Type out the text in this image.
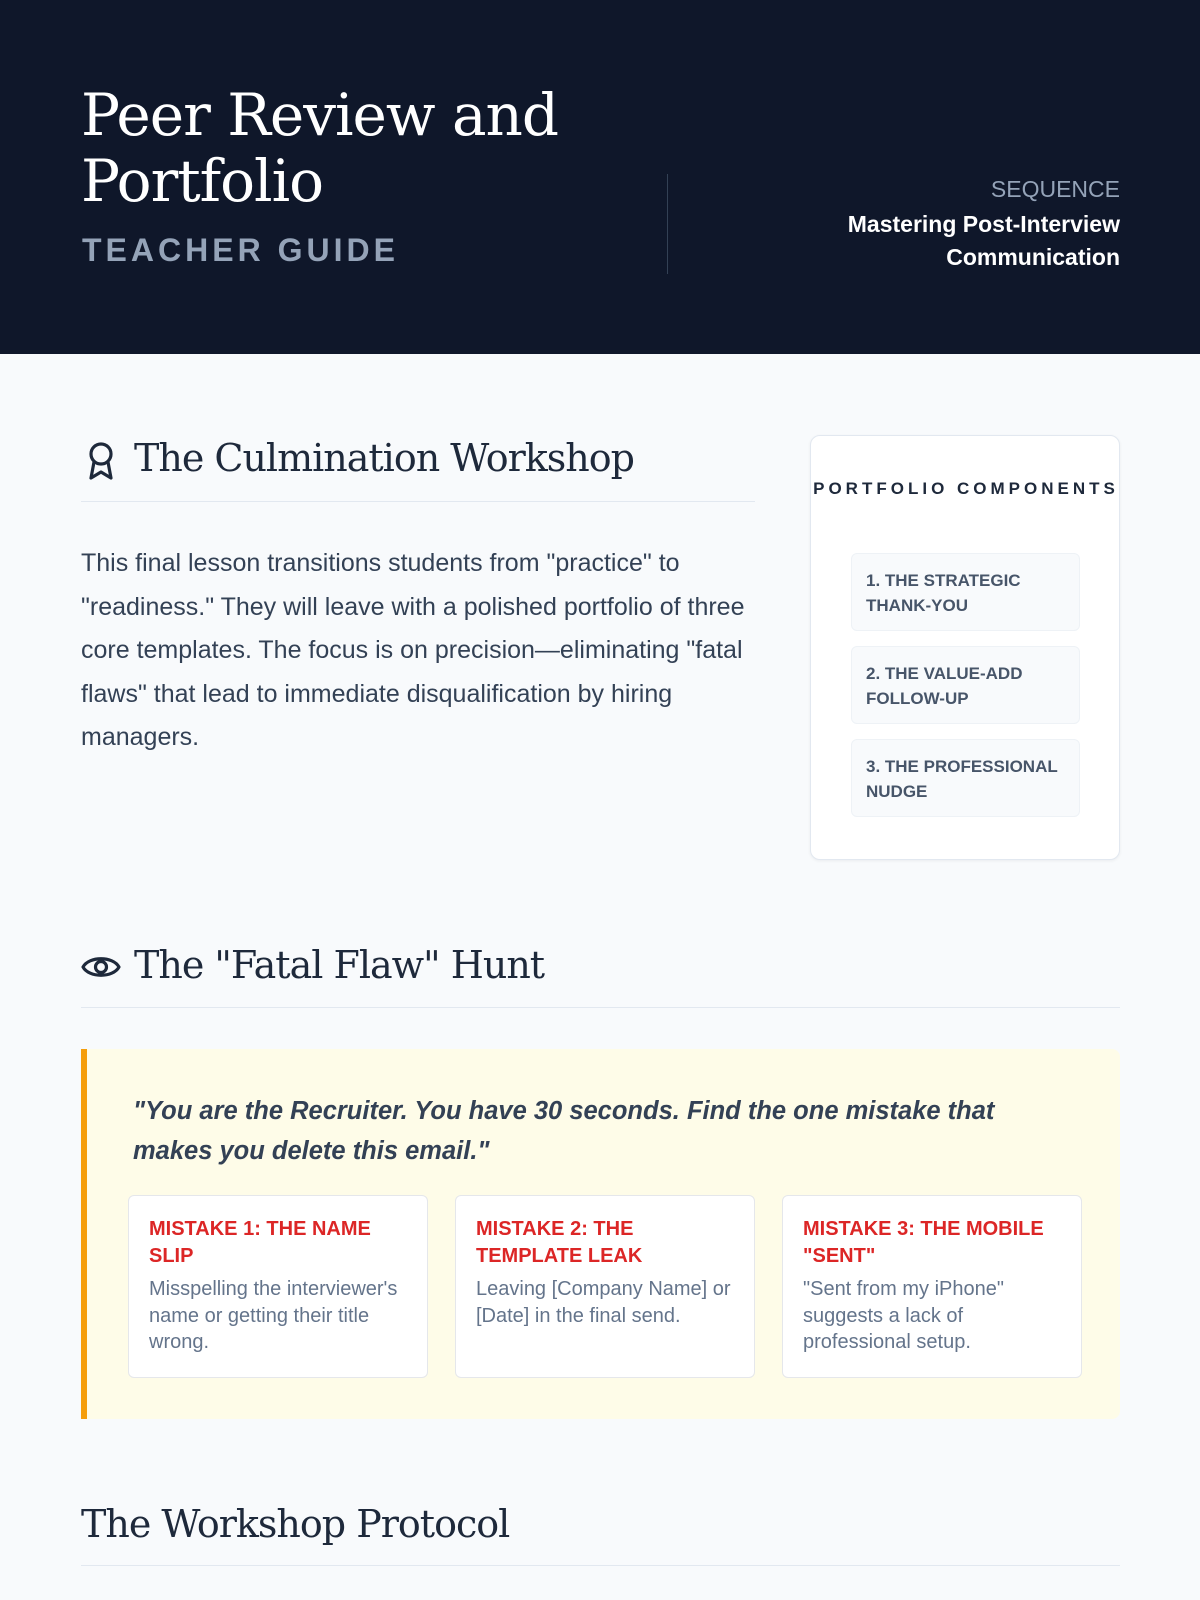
Peer Review and Portfolio
TEACHER GUIDE
SEQUENCE
Mastering Post-Interview Communication
The Culmination Workshop

This final lesson transitions students from "practice" to "readiness." They will leave with a polished portfolio of three core templates. The focus is on precision—eliminating "fatal flaws" that lead to immediate disqualification by hiring managers.

PORTFOLIO COMPONENTS
1. THE STRATEGIC THANK-YOU
2. THE VALUE-ADD FOLLOW-UP
3. THE PROFESSIONAL NUDGE
The "Fatal Flaw" Hunt

"You are the Recruiter. You have 30 seconds. Find the one mistake that makes you delete this email."

MISTAKE 1: THE NAME SLIP
Misspelling the interviewer's name or getting their title wrong.
MISTAKE 2: THE TEMPLATE LEAK
Leaving [Company Name] or [Date] in the final send.
MISTAKE 3: THE MOBILE "SENT"
"Sent from my iPhone" suggests a lack of professional setup.
The Workshop Protocol
